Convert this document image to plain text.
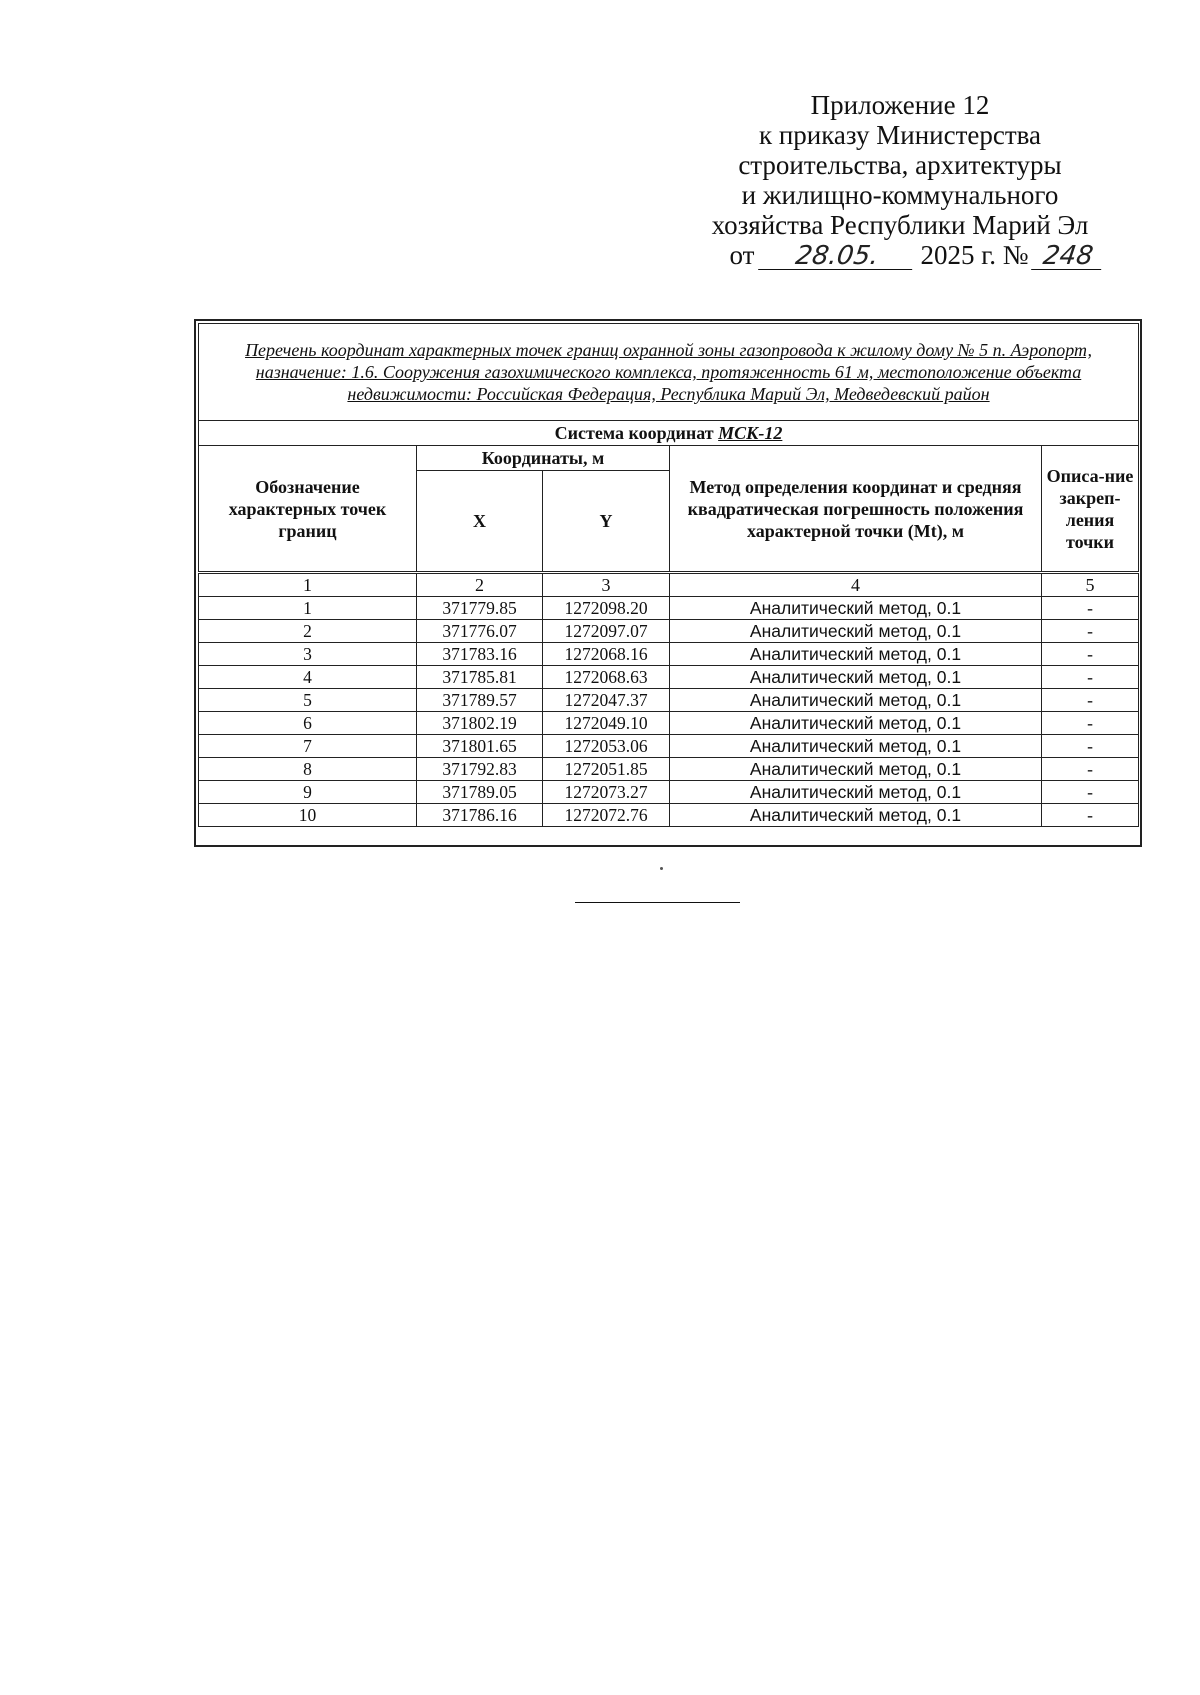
Приложение 12
к приказу Министерства
строительства, архитектуры
и жилищно-коммунального
хозяйства Республики Марий Эл
от 28.05. 2025 г. № 248
Перечень координат характерных точек границ охранной зоны газопровода к жилому дому № 5 п. Аэропорт, назначение: 1.6. Сооружения газохимического комплекса, протяженность 61 м, местоположение объекта недвижимости: Российская Федерация, Республика Марий Эл, Медведевский район				
Система координат МСК-12				
Обозначение характерных точек границ	Координаты, м		Метод определения координат и средняя квадратическая погрешность положения характерной точки (Mt), м	Описа-ние закреп-ления точки
	X	Y		
1	2	3	4	5
1	371779.85	1272098.20	Аналитический метод, 0.1	-
2	371776.07	1272097.07	Аналитический метод, 0.1	-
3	371783.16	1272068.16	Аналитический метод, 0.1	-
4	371785.81	1272068.63	Аналитический метод, 0.1	-
5	371789.57	1272047.37	Аналитический метод, 0.1	-
6	371802.19	1272049.10	Аналитический метод, 0.1	-
7	371801.65	1272053.06	Аналитический метод, 0.1	-
8	371792.83	1272051.85	Аналитический метод, 0.1	-
9	371789.05	1272073.27	Аналитический метод, 0.1	-
10	371786.16	1272072.76	Аналитический метод, 0.1	-
